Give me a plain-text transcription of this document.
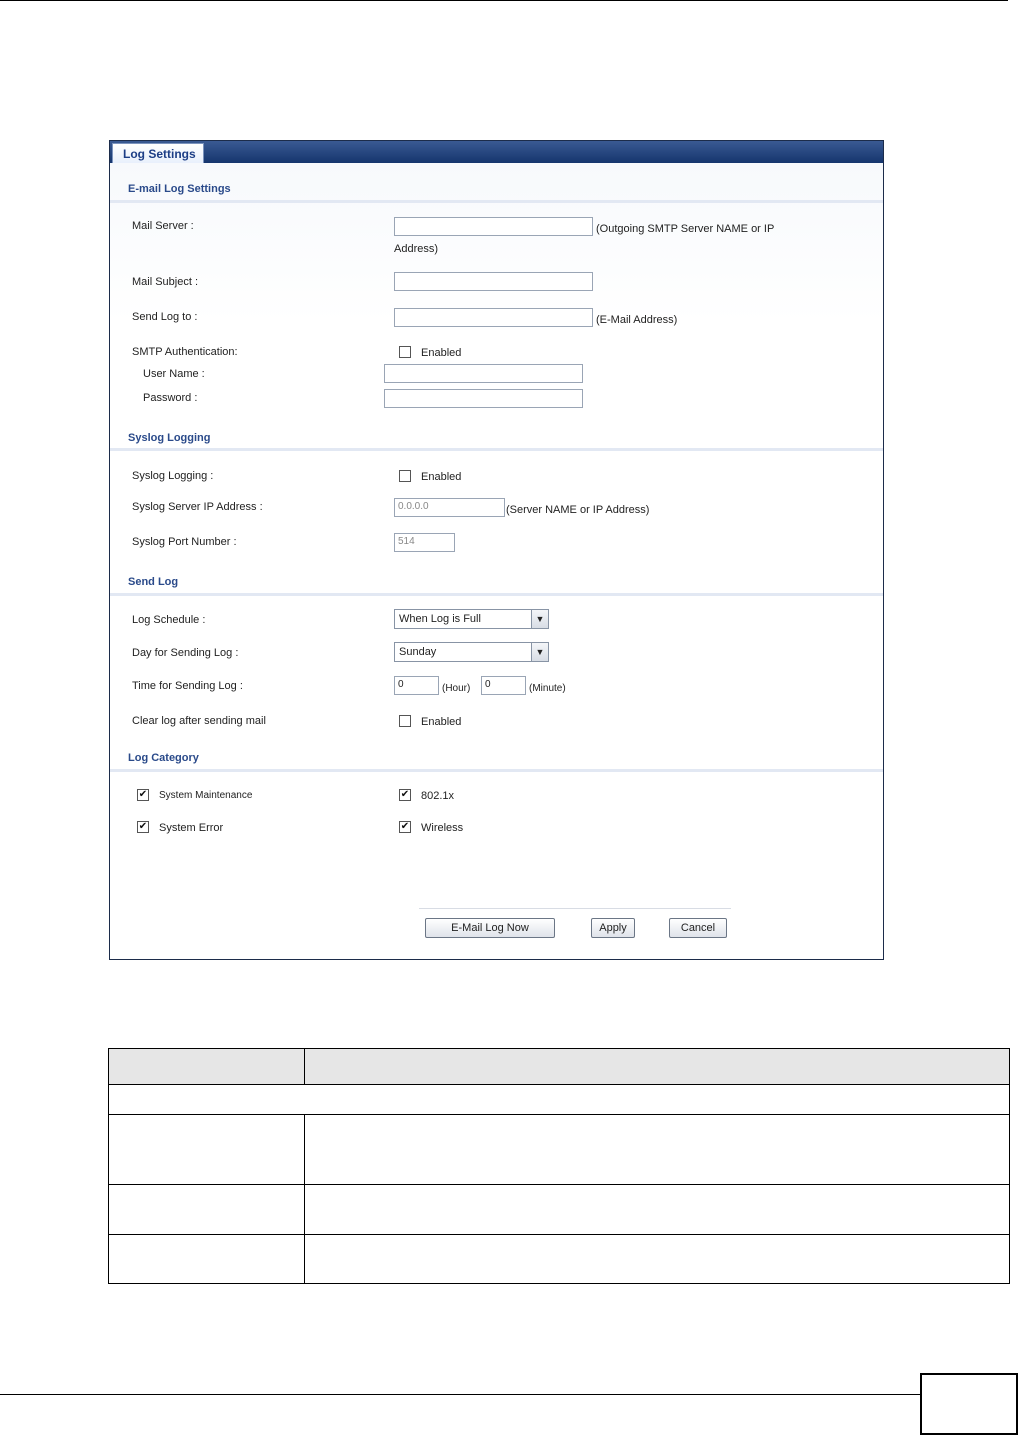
Log Settings
E-mail Log Settings
Mail Server :	(Outgoing SMTP Server NAME or IP
Address)
Mail Subject :
Send Log to :	(E-Mail Address)
SMTP Authentication:	Enabled
User Name :
Password :
Syslog Logging
Syslog Logging :	Enabled
Syslog Server IP Address :	0.0.0.0	(Server NAME or IP Address)
Syslog Port Number :	514
Send Log
Log Schedule :	When Log is Full	▼
Day for Sending Log :	Sunday	▼
Time for Sending Log :	0	(Hour)	0	(Minute)
Clear log after sending mail	Enabled
Log Category
✔ System Maintenance	✔ 802.1x
✔ System Error	✔ Wireless
E-Mail Log Now	Apply	Cancel
